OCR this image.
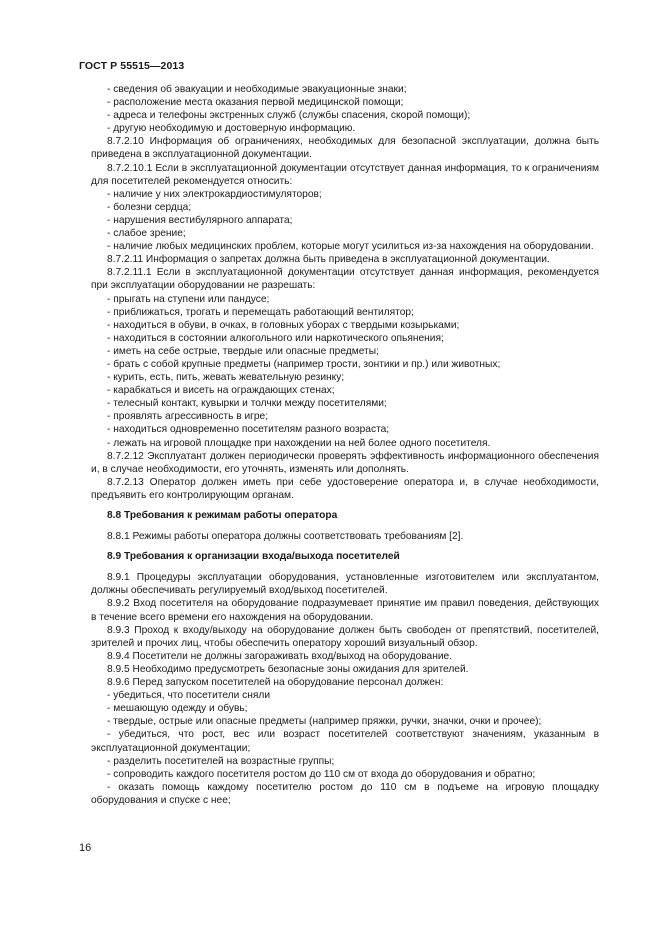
ГОСТ Р 55515—2013

- сведения об эвакуации и необходимые эвакуационные знаки;

- расположение места оказания первой медицинской помощи;

- адреса и телефоны экстренных служб (службы спасения, скорой помощи);

- другую необходимую и достоверную информацию.

8.7.2.10 Информация об ограничениях, необходимых для безопасной эксплуатации, должна быть приведена в эксплуатационной документации.

8.7.2.10.1 Если в эксплуатационной документации отсутствует данная информация, то к ограничениям для посетителей рекомендуется относить:

- наличие у них электрокардиостимуляторов;

- болезни сердца;

- нарушения вестибулярного аппарата;

- слабое зрение;

- наличие любых медицинских проблем, которые могут усилиться из-за нахождения на оборудовании.

8.7.2.11 Информация о запретах должна быть приведена в эксплуатационной документации.

8.7.2.11.1 Если в эксплуатационной документации отсутствует данная информация, рекомендуется при эксплуатации оборудовании не разрешать:

- прыгать на ступени или пандусе;

- приближаться, трогать и перемещать работающий вентилятор;

- находиться в обуви, в очках, в головных уборах с твердыми козырьками;

- находиться в состоянии алкогольного или наркотического опьянения;

- иметь на себе острые, твердые или опасные предметы;

- брать с собой крупные предметы (например трости, зонтики и пр.) или животных;

- курить, есть, пить, жевать жевательную резинку;

- карабкаться и висеть на ограждающих стенах;

- телесный контакт, кувырки и толчки между посетителями;

- проявлять агрессивность в игре;

- находиться одновременно посетителям разного возраста;

- лежать на игровой площадке при нахождении на ней более одного посетителя.

8.7.2.12 Эксплуатант должен периодически проверять эффективность информационного обеспечения и, в случае необходимости, его уточнять, изменять или дополнять.

8.7.2.13 Оператор должен иметь при себе удостоверение оператора и, в случае необходимости, предъявить его контролирующим органам.

8.8 Требования к режимам работы оператора

8.8.1 Режимы работы оператора должны соответствовать требованиям [2].

8.9 Требования к организации входа/выхода посетителей

8.9.1 Процедуры эксплуатации оборудования, установленные изготовителем или эксплуатантом, должны обеспечивать регулируемый вход/выход посетителей.

8.9.2 Вход посетителя на оборудование подразумевает принятие им правил поведения, действующих в течение всего времени его нахождения на оборудовании.

8.9.3 Проход к входу/выходу на оборудование должен быть свободен от препятствий, посетителей, зрителей и прочих лиц, чтобы обеспечить оператору хороший визуальный обзор.

8.9.4 Посетители не должны загораживать вход/выход на оборудование.

8.9.5 Необходимо предусмотреть безопасные зоны ожидания для зрителей.

8.9.6 Перед запуском посетителей на оборудование персонал должен:

- убедиться, что посетители сняли

- мешающую одежду и обувь;

- твердые, острые или опасные предметы (например пряжки, ручки, значки, очки и прочее);

- убедиться, что рост, вес или возраст посетителей соответствуют значениям, указанным в эксплуатационной документации;

- разделить посетителей на возрастные группы;

- сопроводить каждого посетителя ростом до 110 см от входа до оборудования и обратно;

- оказать помощь каждому посетителю ростом до 110 см в подъеме на игровую площадку оборудования и спуске с нее;

16
